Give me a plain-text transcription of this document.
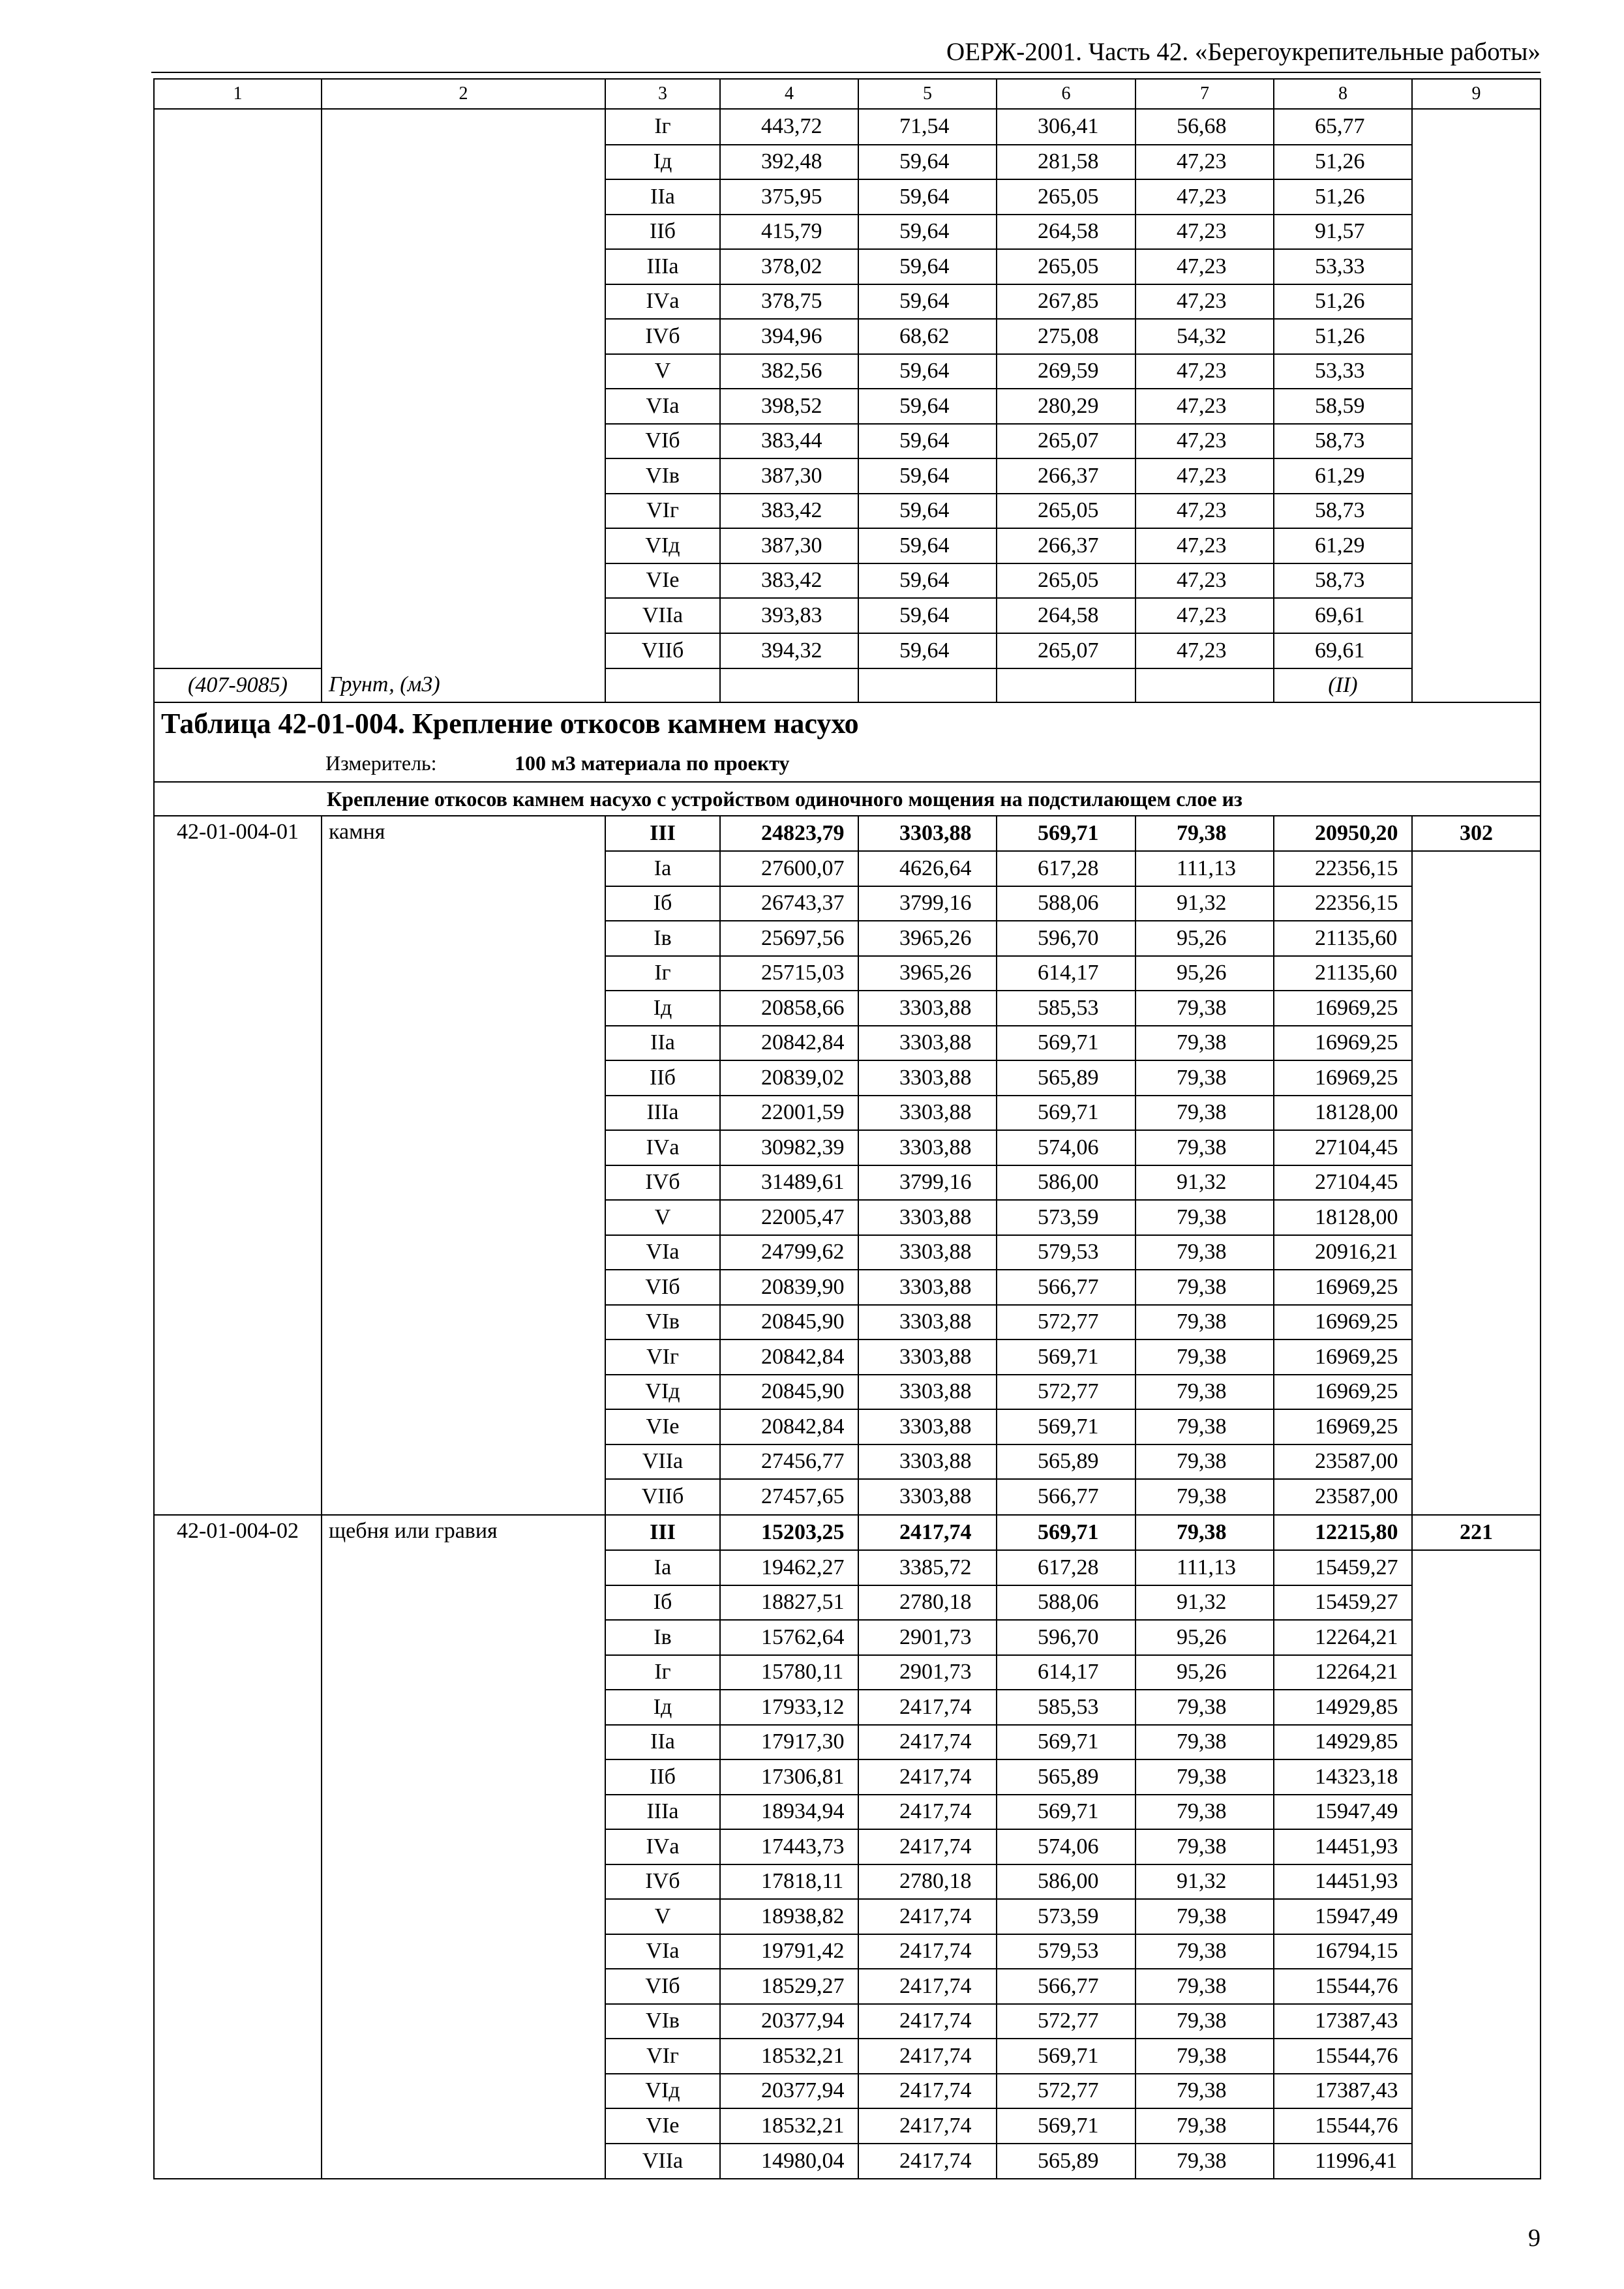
ОЕРЖ-2001. Часть 42. «Берегоукрепительные работы»
1	2	3	4	5	6	7	8	9
		Iг	443,72	71,54	306,41	56,68	65,77	
		Iд	392,48	59,64	281,58	47,23	51,26	
		IIа	375,95	59,64	265,05	47,23	51,26	
		IIб	415,79	59,64	264,58	47,23	91,57	
		IIIа	378,02	59,64	265,05	47,23	53,33	
		IVа	378,75	59,64	267,85	47,23	51,26	
		IVб	394,96	68,62	275,08	54,32	51,26	
		V	382,56	59,64	269,59	47,23	53,33	
		VIа	398,52	59,64	280,29	47,23	58,59	
		VIб	383,44	59,64	265,07	47,23	58,73	
		VIв	387,30	59,64	266,37	47,23	61,29	
		VIг	383,42	59,64	265,05	47,23	58,73	
		VIд	387,30	59,64	266,37	47,23	61,29	
		VIе	383,42	59,64	265,05	47,23	58,73	
		VIIа	393,83	59,64	264,58	47,23	69,61	
		VIIб	394,32	59,64	265,07	47,23	69,61	
(407-9085)	Грунт, (м3)						(II)	
Таблица 42-01-004. Крепление откосов камнем насухо								
Измеритель: 100 м3 материала по проекту								
Крепление откосов камнем насухо с устройством одиночного мощения на подстилающем слое из								
42-01-004-01	камня	III	24823,79	3303,88	569,71	79,38	20950,20	302
		Iа	27600,07	4626,64	617,28	111,13	22356,15	
		Iб	26743,37	3799,16	588,06	91,32	22356,15	
		Iв	25697,56	3965,26	596,70	95,26	21135,60	
		Iг	25715,03	3965,26	614,17	95,26	21135,60	
		Iд	20858,66	3303,88	585,53	79,38	16969,25	
		IIа	20842,84	3303,88	569,71	79,38	16969,25	
		IIб	20839,02	3303,88	565,89	79,38	16969,25	
		IIIа	22001,59	3303,88	569,71	79,38	18128,00	
		IVа	30982,39	3303,88	574,06	79,38	27104,45	
		IVб	31489,61	3799,16	586,00	91,32	27104,45	
		V	22005,47	3303,88	573,59	79,38	18128,00	
		VIа	24799,62	3303,88	579,53	79,38	20916,21	
		VIб	20839,90	3303,88	566,77	79,38	16969,25	
		VIв	20845,90	3303,88	572,77	79,38	16969,25	
		VIг	20842,84	3303,88	569,71	79,38	16969,25	
		VIд	20845,90	3303,88	572,77	79,38	16969,25	
		VIе	20842,84	3303,88	569,71	79,38	16969,25	
		VIIа	27456,77	3303,88	565,89	79,38	23587,00	
		VIIб	27457,65	3303,88	566,77	79,38	23587,00	
42-01-004-02	щебня или гравия	III	15203,25	2417,74	569,71	79,38	12215,80	221
		Iа	19462,27	3385,72	617,28	111,13	15459,27	
		Iб	18827,51	2780,18	588,06	91,32	15459,27	
		Iв	15762,64	2901,73	596,70	95,26	12264,21	
		Iг	15780,11	2901,73	614,17	95,26	12264,21	
		Iд	17933,12	2417,74	585,53	79,38	14929,85	
		IIа	17917,30	2417,74	569,71	79,38	14929,85	
		IIб	17306,81	2417,74	565,89	79,38	14323,18	
		IIIа	18934,94	2417,74	569,71	79,38	15947,49	
		IVа	17443,73	2417,74	574,06	79,38	14451,93	
		IVб	17818,11	2780,18	586,00	91,32	14451,93	
		V	18938,82	2417,74	573,59	79,38	15947,49	
		VIа	19791,42	2417,74	579,53	79,38	16794,15	
		VIб	18529,27	2417,74	566,77	79,38	15544,76	
		VIв	20377,94	2417,74	572,77	79,38	17387,43	
		VIг	18532,21	2417,74	569,71	79,38	15544,76	
		VIд	20377,94	2417,74	572,77	79,38	17387,43	
		VIе	18532,21	2417,74	569,71	79,38	15544,76	
		VIIа	14980,04	2417,74	565,89	79,38	11996,41	
9
